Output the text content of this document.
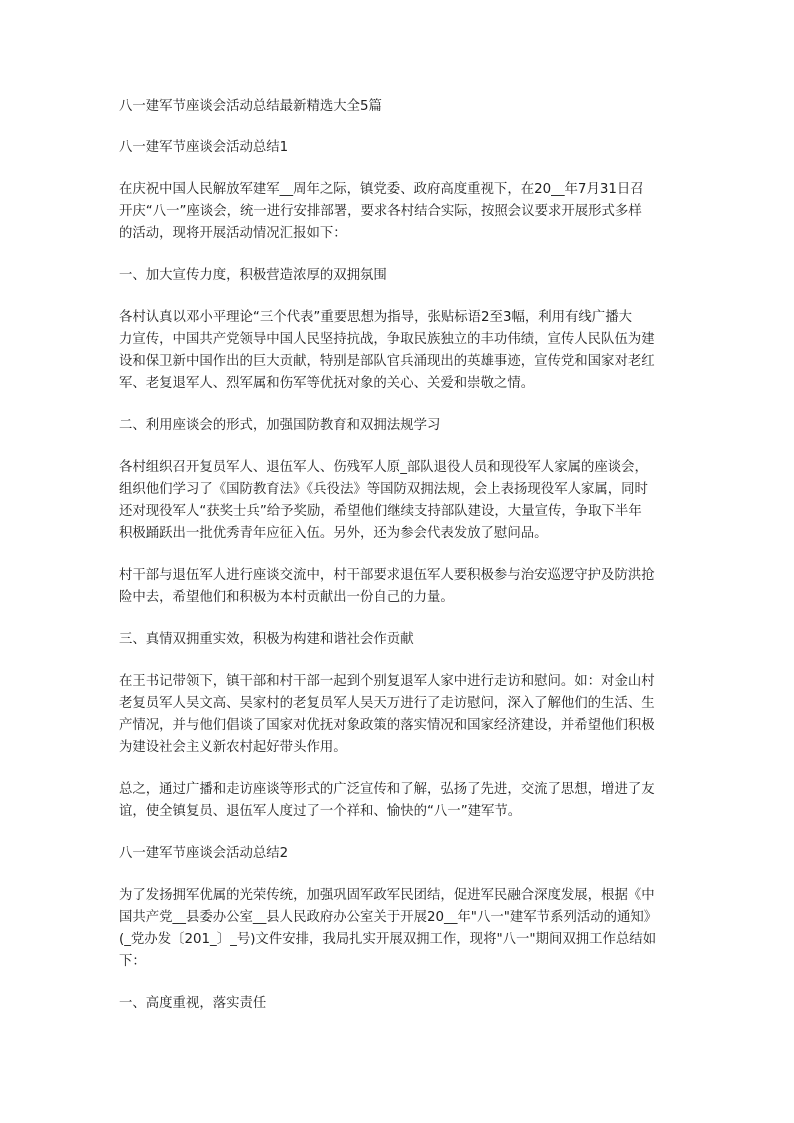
八一建军节座谈会活动总结最新精选大全5篇
八一建军节座谈会活动总结1
在庆祝中国人民解放军建军__周年之际，镇党委、政府高度重视下，在20__年7月31日召
开庆“八一”座谈会，统一进行安排部署，要求各村结合实际，按照会议要求开展形式多样
的活动，现将开展活动情况汇报如下：
一、加大宣传力度，积极营造浓厚的双拥氛围
各村认真以邓小平理论“三个代表”重要思想为指导，张贴标语2至3幅，利用有线广播大
力宣传，中国共产党领导中国人民坚持抗战，争取民族独立的丰功伟绩，宣传人民队伍为建
设和保卫新中国作出的巨大贡献，特别是部队官兵涌现出的英雄事迹，宣传党和国家对老红
军、老复退军人、烈军属和伤军等优抚对象的关心、关爱和崇敬之情。
二、利用座谈会的形式，加强国防教育和双拥法规学习
各村组织召开复员军人、退伍军人、伤残军人原_部队退役人员和现役军人家属的座谈会，
组织他们学习了《国防教育法》《兵役法》等国防双拥法规，会上表扬现役军人家属，同时
还对现役军人“获奖士兵”给予奖励，希望他们继续支持部队建设，大量宣传，争取下半年
积极踊跃出一批优秀青年应征入伍。另外，还为参会代表发放了慰问品。
村干部与退伍军人进行座谈交流中，村干部要求退伍军人要积极参与治安巡逻守护及防洪抢
险中去，希望他们和积极为本村贡献出一份自己的力量。
三、真情双拥重实效，积极为构建和谐社会作贡献
在王书记带领下，镇干部和村干部一起到个别复退军人家中进行走访和慰问。如：对金山村
老复员军人吴文高、吴家村的老复员军人吴天万进行了走访慰问，深入了解他们的生活、生
产情况，并与他们倡谈了国家对优抚对象政策的落实情况和国家经济建设，并希望他们积极
为建设社会主义新农村起好带头作用。
总之，通过广播和走访座谈等形式的广泛宣传和了解，弘扬了先进，交流了思想，增进了友
谊，使全镇复员、退伍军人度过了一个祥和、愉快的“八一”建军节。
八一建军节座谈会活动总结2
为了发扬拥军优属的光荣传统，加强巩固军政军民团结，促进军民融合深度发展，根据《中
国共产党__县委办公室__县人民政府办公室关于开展20__年"八一"建军节系列活动的通知》
(_党办发〔201_〕_号)文件安排，我局扎实开展双拥工作，现将"八一"期间双拥工作总结如
下：
一、高度重视，落实责任
